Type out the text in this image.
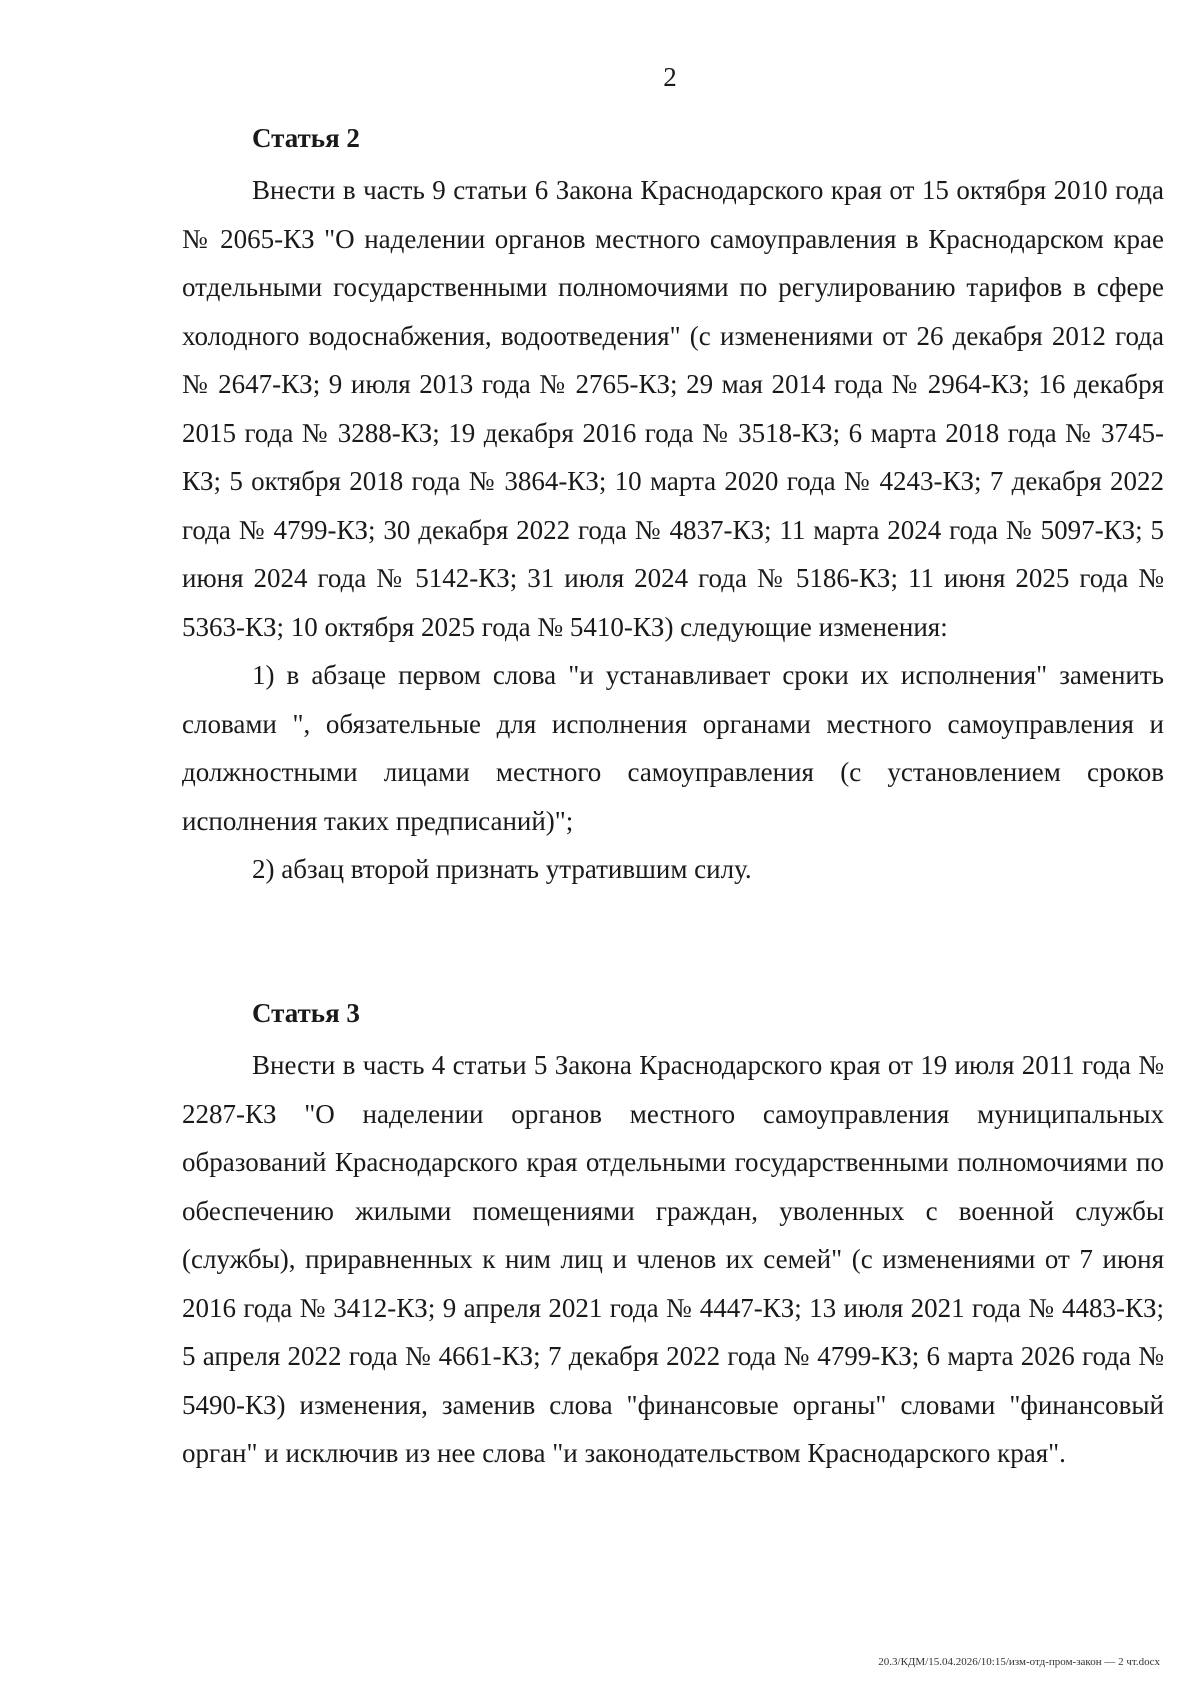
2
Статья 2

Внести в часть 9 статьи 6 Закона Краснодарского края от 15 октября 2010 года № 2065-КЗ "О наделении органов местного самоуправления в Краснодарском крае отдельными государственными полномочиями по регулированию тарифов в сфере холодного водоснабжения, водоотведения" (с изменениями от 26 декабря 2012 года № 2647-КЗ; 9 июля 2013 года № 2765-КЗ; 29 мая 2014 года № 2964-КЗ; 16 декабря 2015 года № 3288-КЗ; 19 декабря 2016 года № 3518-КЗ; 6 марта 2018 года № 3745-КЗ; 5 октября 2018 года № 3864-КЗ; 10 марта 2020 года № 4243-КЗ; 7 декабря 2022 года № 4799-КЗ; 30 декабря 2022 года № 4837-КЗ; 11 марта 2024 года № 5097-КЗ; 5 июня 2024 года № 5142-КЗ; 31 июля 2024 года № 5186-КЗ; 11 июня 2025 года № 5363-КЗ; 10 октября 2025 года № 5410-КЗ) следующие изменения:

1) в абзаце первом слова "и устанавливает сроки их исполнения" заменить словами ", обязательные для исполнения органами местного самоуправления и должностными лицами местного самоуправления (с установлением сроков исполнения таких предписаний)";

2) абзац второй признать утратившим силу.

Статья 3

Внести в часть 4 статьи 5 Закона Краснодарского края от 19 июля 2011 года № 2287-КЗ "О наделении органов местного самоуправления муниципальных образований Краснодарского края отдельными государственными полномочиями по обеспечению жилыми помещениями граждан, уволенных с военной службы (службы), приравненных к ним лиц и членов их семей" (с изменениями от 7 июня 2016 года № 3412-КЗ; 9 апреля 2021 года № 4447-КЗ; 13 июля 2021 года № 4483-КЗ; 5 апреля 2022 года № 4661-КЗ; 7 декабря 2022 года № 4799-КЗ; 6 марта 2026 года № 5490-КЗ) изменения, заменив слова "финансовые органы" словами "финансовый орган" и исключив из нее слова "и законодательством Краснодарского края".

20.3/КДМ/15.04.2026/10:15/изм-отд-пром-закон — 2 чт.docx
